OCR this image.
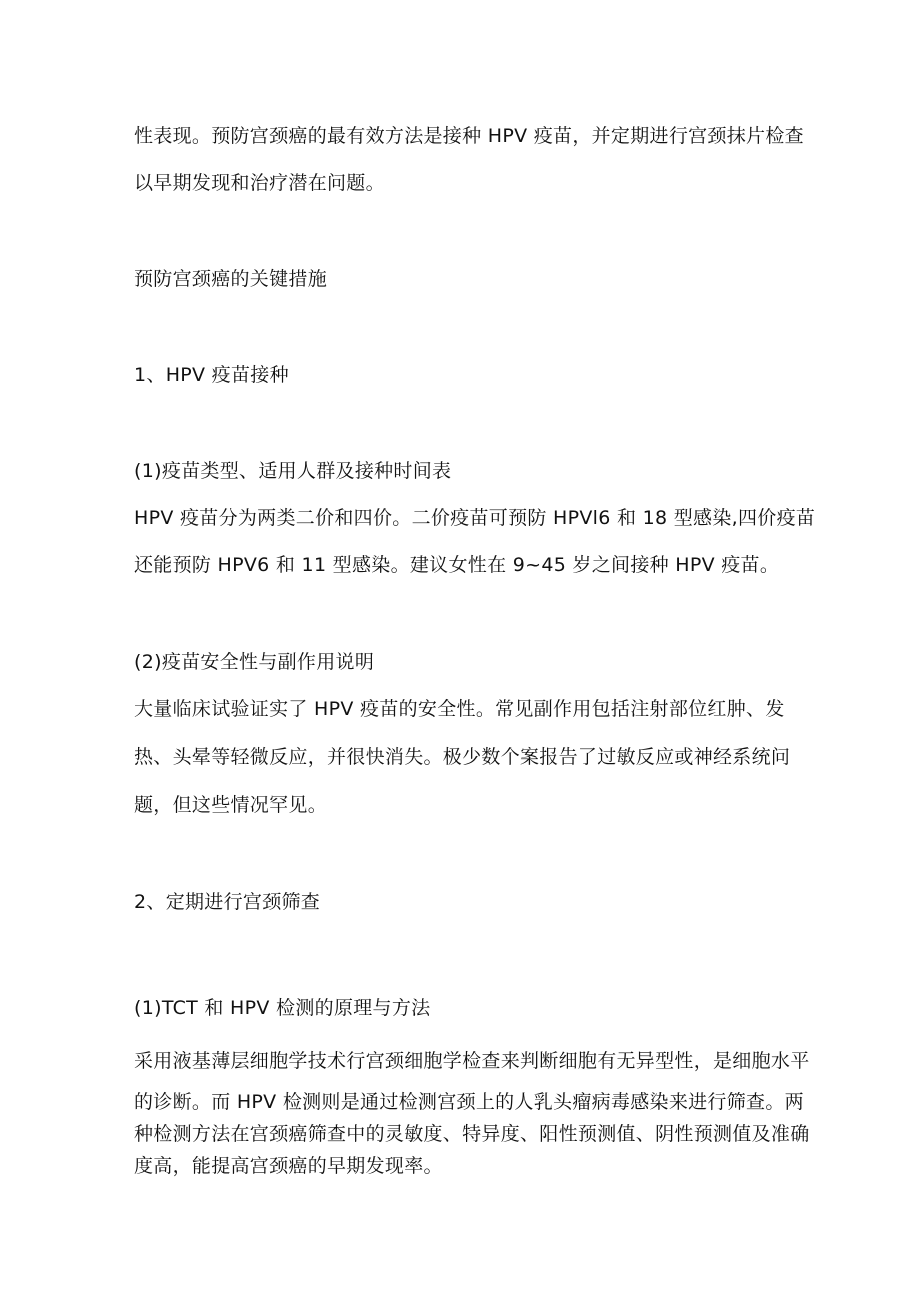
性表现。预防宫颈癌的最有效方法是接种 HPV 疫苗，并定期进行宫颈抹片检查
以早期发现和治疗潜在问题。
预防宫颈癌的关键措施
1、HPV 疫苗接种
(1)疫苗类型、适用人群及接种时间表
HPV 疫苗分为两类二价和四价。二价疫苗可预防 HPVl6 和 18 型感染,四价疫苗
还能预防 HPV6 和 11 型感染。建议女性在 9~45 岁之间接种 HPV 疫苗。
(2)疫苗安全性与副作用说明
大量临床试验证实了 HPV 疫苗的安全性。常见副作用包括注射部位红肿、发
热、头晕等轻微反应，并很快消失。极少数个案报告了过敏反应或神经系统问
题，但这些情况罕见。
2、定期进行宫颈筛查
(1)TCT 和 HPV 检测的原理与方法
采用液基薄层细胞学技术行宫颈细胞学检查来判断细胞有无异型性，是细胞水平
的诊断。而 HPV 检测则是通过检测宫颈上的人乳头瘤病毒感染来进行筛查。两
种检测方法在宫颈癌筛查中的灵敏度、特异度、阳性预测值、阴性预测值及准确
度高，能提高宫颈癌的早期发现率。
